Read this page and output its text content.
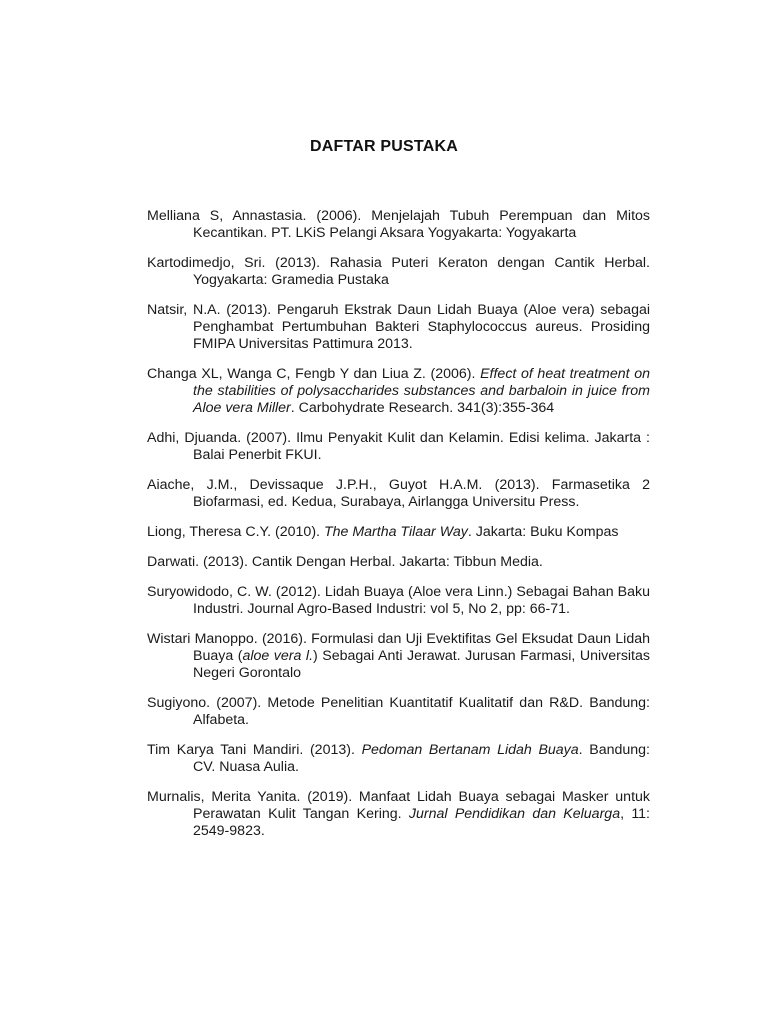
DAFTAR PUSTAKA

Melliana S, Annastasia. (2006). Menjelajah Tubuh Perempuan dan Mitos Kecantikan. PT. LKiS Pelangi Aksara Yogyakarta: Yogyakarta

Kartodimedjo, Sri. (2013). Rahasia Puteri Keraton dengan Cantik Herbal. Yogyakarta: Gramedia Pustaka

Natsir, N.A. (2013). Pengaruh Ekstrak Daun Lidah Buaya (Aloe vera) sebagai Penghambat Pertumbuhan Bakteri Staphylococcus aureus. Prosiding FMIPA Universitas Pattimura 2013.

Changa XL, Wanga C, Fengb Y dan Liua Z. (2006). Effect of heat treatment on the stabilities of polysaccharides substances and barbaloin in juice from Aloe vera Miller. Carbohydrate Research. 341(3):355-364

Adhi, Djuanda. (2007). Ilmu Penyakit Kulit dan Kelamin. Edisi kelima. Jakarta : Balai Penerbit FKUI.

Aiache, J.M., Devissaque J.P.H., Guyot H.A.M. (2013). Farmasetika 2 Biofarmasi, ed. Kedua, Surabaya, Airlangga Universitu Press.

Liong, Theresa C.Y. (2010). The Martha Tilaar Way. Jakarta: Buku Kompas

Darwati. (2013). Cantik Dengan Herbal. Jakarta: Tibbun Media.

Suryowidodo, C. W. (2012). Lidah Buaya (Aloe vera Linn.) Sebagai Bahan Baku Industri. Journal Agro-Based Industri: vol 5, No 2, pp: 66-71.

Wistari Manoppo. (2016). Formulasi dan Uji Evektifitas Gel Eksudat Daun Lidah Buaya (aloe vera l.) Sebagai Anti Jerawat. Jurusan Farmasi, Universitas Negeri Gorontalo

Sugiyono. (2007). Metode Penelitian Kuantitatif Kualitatif dan R&D. Bandung: Alfabeta.

Tim Karya Tani Mandiri. (2013). Pedoman Bertanam Lidah Buaya. Bandung: CV. Nuasa Aulia.

Murnalis, Merita Yanita. (2019). Manfaat Lidah Buaya sebagai Masker untuk Perawatan Kulit Tangan Kering. Jurnal Pendidikan dan Keluarga, 11: 2549-9823.
